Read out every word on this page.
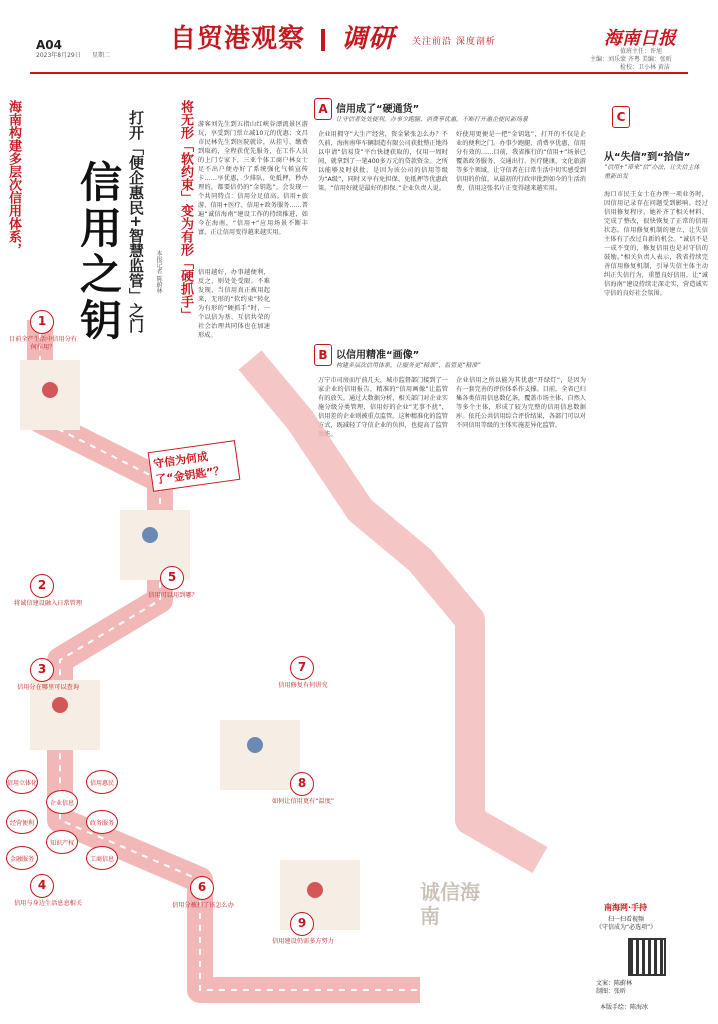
A04
2023年8月29日 星期二
自贸港观察 调研 关注前沿 深度剖析	海南日报
值班主任：许旭
主编：刘乐蒙 齐粤 美编：张昕
检校：卫小林 黄洁
海南构建多层次信用体系，	将无形「软约束」变为有形「硬抓手」
信用之钥 打开「便企惠民+智慧监管」之门	本报记者 陈蔚林
游客刘先生到五指山红峡谷漂流景区游玩，享受到门票立减10元的优惠；文昌市民林先生到医院就诊，从挂号、缴费到取药，全程获优先服务，在工作人员的上门专家下，三亚个体工商户林女士足不出户便办好了系统强化气候宣传卡……享优惠，少排队，免抵押，秒办理的，都要倍仍的“金钥匙”，会发现一个共同特点：信用分足值高。信用+旅游、信用+医疗、信用+政务服务……普遍“诚信海南”建设工作的持续推进，如今在海南，“信用+”应用场景不断丰富，正让信用变得越来越实用。
信用越好，办事越便利，反之，则处处受限。不难发现，当信用真正被用起来，无形的“软约束”转化为有形的“硬抓手”时，一个以信为基、互信共荣的社会治理共同体也在加速形成。
A 信用成了“硬通货”
让守信者处处便利，办事少跑腿、消费享优惠，不断打开惠企便民新场景
企业用拥守“大生产经营，资金紧张怎么办？不久前，海南南华车辆制造有限公司获批整正地得以申请“信易贷”平台快捷获取的，仅用一周时间，就拿到了一笔400多万元的贷款资金。之所以能够及时获批，是因为该公司的信用等级为“A级”，同时又享有免担保、免抵押等优惠政策。“信用好就是最好的担保。”企业负责人说。
好使用更便是一把“金钥匙”，打开的不仅是企业的便利之门。办事少跑腿，消费享优惠，信用分有效的……目前，我省推行的“信用+”场景已覆盖政务服务、交通出行、医疗健康、文化旅游等多个领域，让守信者在日常生活中切实感受到信用的价值。从最初的行政审批到如今的生活消费，信用这张名片正变得越来越实用。
B 以信用精准“画像”
构建多层次信用体系，让服务更“精准”、监管更“精准”
万宁市司房而厅前几天，城市监督部门接到了一家企业的信用报告，精准的“信用画像”让监管有的放矢。通过大数据分析，相关部门对企业实施分级分类管理，信用好的企业“无事不扰”，信用差的企业则被重点监管。这种精准化的监管方式，既减轻了守信企业的负担，也提高了监管效能。
企业信用之所以能为其优惠“开绿灯”，是因为有一套完善的评价体系作支撑。目前，全省已归集各类信用信息数亿条，覆盖市场主体、自然人等多个主体，形成了较为完整的信用信息数据库。依托公共信用综合评价结果，各部门可以对不同信用等级的主体实施差异化监管。
C
从“失信”到“拾信”
“信用+”带来“信”办法，让失信主体重新出发
海口市民王女士在办理一项业务时，因信用记录存在问题受到影响。经过信用修复程序，她补齐了相关材料、完成了整改，很快恢复了正常的信用状态。信用修复机制的建立，让失信主体有了改过自新的机会。“诚信不是一成不变的，修复信用也是对守信的鼓励。”相关负责人表示，我省持续完善信用修复机制，引导失信主体主动纠正失信行为，重塑良好信用，让“诚信海南”建设持续走深走实，营造诚实守信的良好社会氛围。
守信为何成了“金钥匙”？
1
目前全产生活中信用分有何作用？
2
将诚信建设融入日常管理
3
信用分在哪里可以查询
4
信用与身边生活息息相关
5
信用可以用到哪？
6
信用分被扣了该怎么办
7
信用修复有何讲究
8
如何让信用更有“温度”
9
信用建设仍需多方努力
信用立体化	信用惠民
经营便利	政务服务
金融服务	工商信息
企业信息
知识产权
诚信海南	南海网·手持
扫一扫看视频
《守信成为“必选项”》
文案：陈蔚林
制图：张昕
本版手绘：陈海冰
